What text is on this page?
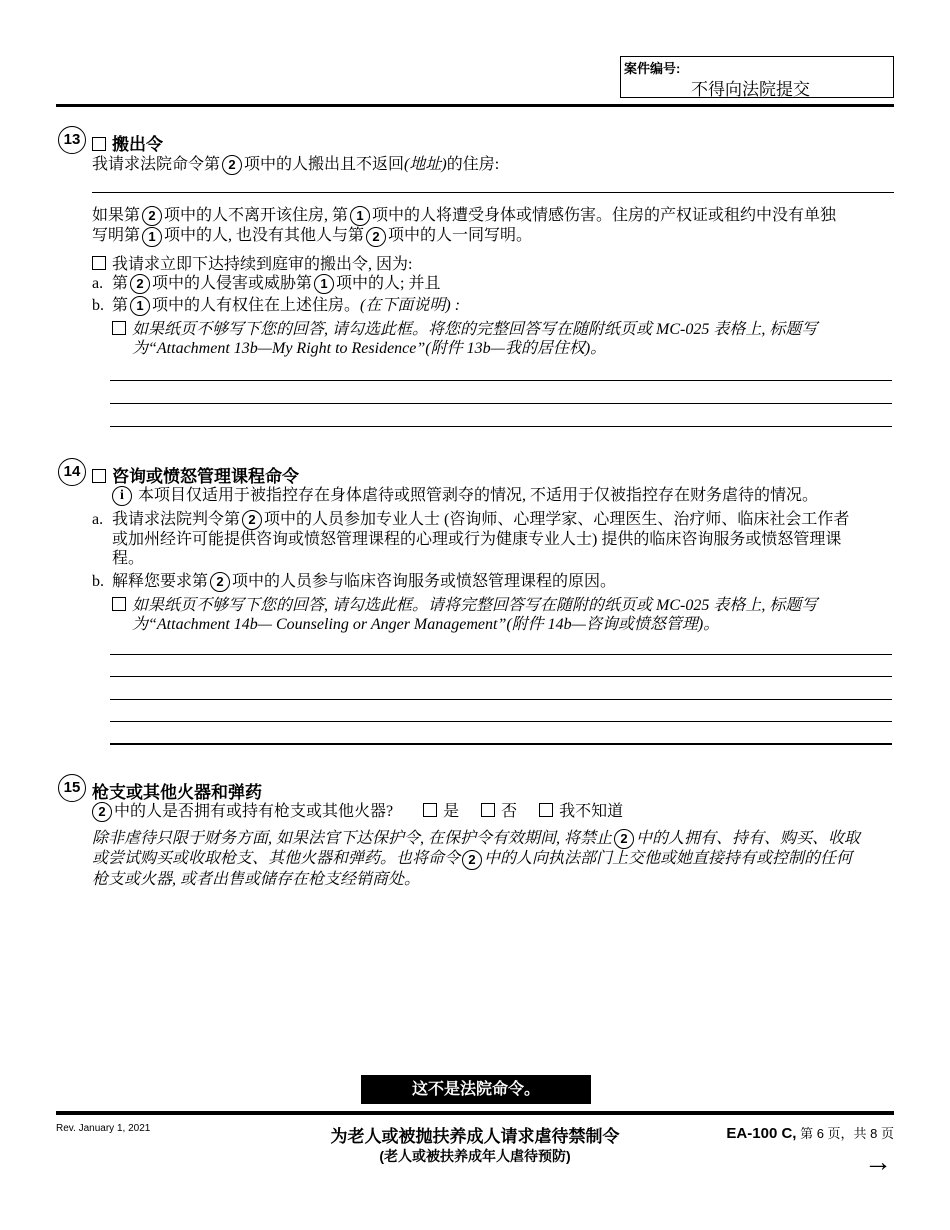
案件编号:
不得向法院提交
13	搬出令
我请求法院命令第 2 项中的人搬出且不返回(地址)的住房:
如果第 2 项中的人不离开该住房, 第 1 项中的人将遭受身体或情感伤害。住房的产权证或租约中没有单独
写明第 1 项中的人, 也没有其他人与第 2 项中的人一同写明。
我请求立即下达持续到庭审的搬出令, 因为:
a. 第 2 项中的人侵害或威胁第 1 项中的人; 并且
b. 第 1 项中的人有权住在上述住房。(在下面说明) :
如果纸页不够写下您的回答, 请勾选此框。将您的完整回答写在随附纸页或 MC-025 表格上, 标题写
为“Attachment 13b—My Right to Residence”(附件 13b—我的居住权)。
14	咨询或愤怒管理课程命令
i 本项目仅适用于被指控存在身体虐待或照管剥夺的情况, 不适用于仅被指控存在财务虐待的情况。
a. 我请求法院判令第 2 项中的人员参加专业人士 (咨询师、心理学家、心理医生、治疗师、临床社会工作者
或加州经许可能提供咨询或愤怒管理课程的心理或行为健康专业人士) 提供的临床咨询服务或愤怒管理课
程。
b. 解释您要求第 2 项中的人员参与临床咨询服务或愤怒管理课程的原因。
如果纸页不够写下您的回答, 请勾选此框。请将完整回答写在随附的纸页或 MC-025 表格上, 标题写
为“Attachment 14b— Counseling or Anger Management”(附件 14b—咨询或愤怒管理)。
15 枪支或其他火器和弹药
2 中的人是否拥有或持有枪支或其他火器?	是	否	我不知道
除非虐待只限于财务方面, 如果法官下达保护令, 在保护令有效期间, 将禁止 2 中的人拥有、持有、购买、收取
或尝试购买或收取枪支、其他火器和弹药。也将命令 2 中的人向执法部门上交他或她直接持有或控制的任何
枪支或火器, 或者出售或储存在枪支经销商处。
这不是法院命令。
Rev. January 1, 2021	为老人或被抛扶养成人请求虐待禁制令
(老人或被扶养成年人虐待预防)
EA-100 C, 第 6 页，共 8 页
→
